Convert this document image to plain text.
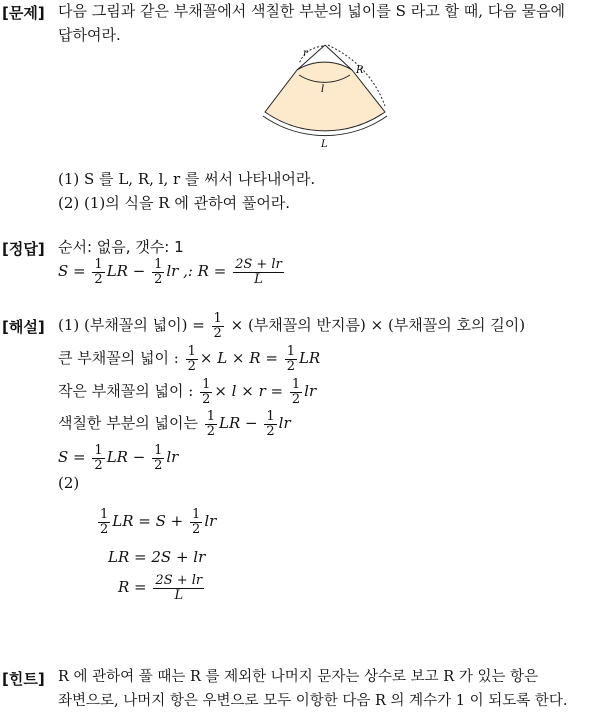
[문제] 다음 그림과 같은 부채꼴에서 색칠한 부분의 넓이를 S 라고 할 때, 다음 물음에
답하여라.
r
R
l
L
(1) S 를 L, R, l, r 를 써서 나타내어라.
(2) (1)의 식을 R 에 관하여 풀어라.
[정답] 순서: 없음, 갯수: 1
$S = \frac{1}{2}$ LR − $\frac{1}{2}$ lr ,: $R = \frac{2S + lr}{L}$
[해설] (1) (부채꼴의 넓이) = $\frac{1}{2}$ × (부채꼴의 반지름) × (부채꼴의 호의 길이)
큰 부채꼴의 넓이 : $\frac{1}{2} \times L \times R = \frac{1}{2}$ LR
작은 부채꼴의 넓이 : $\frac{1}{2} \times l \times r = \frac{1}{2}$ lr
색칠한 부분의 넓이는 $\frac{1}{2}$ LR − $\frac{1}{2}$ lr
$S = \frac{1}{2}$ LR − $\frac{1}{2}$ lr
(2)
$\frac{1}{2}$ LR = $S + \frac{1}{2}$ lr
LR = 2S + lr
$R = \frac{2S + lr}{L}$
[힌트] R 에 관하여 풀 때는 R 를 제외한 나머지 문자는 상수로 보고 R 가 있는 항은
좌변으로, 나머지 항은 우변으로 모두 이항한 다음 R 의 계수가 1 이 되도록 한다.
